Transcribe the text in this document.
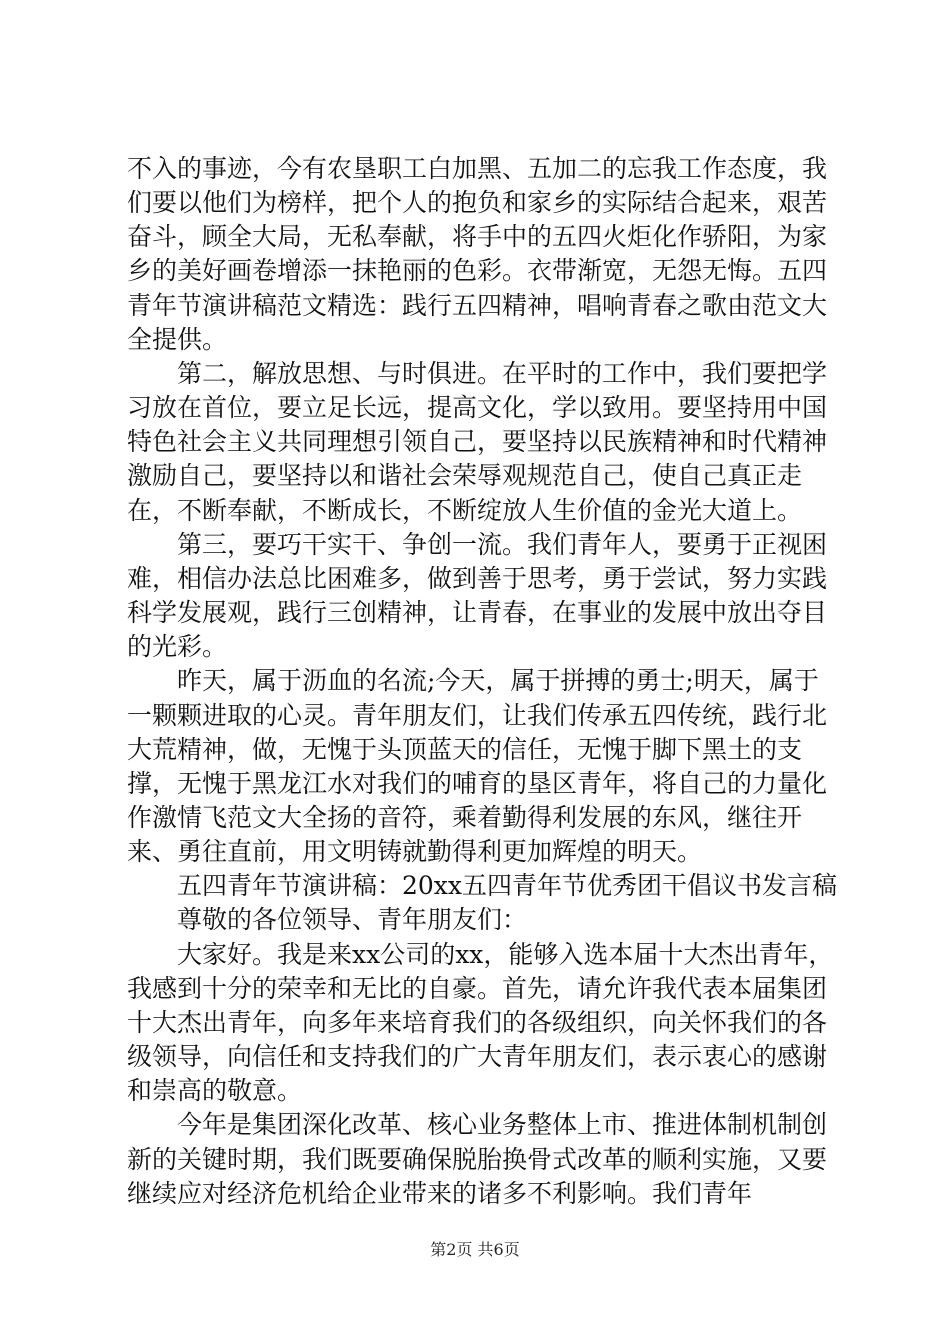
不入的事迹，今有农垦职工白加黑、五加二的忘我工作态度，我们要以他们为榜样，把个人的抱负和家乡的实际结合起来，艰苦奋斗，顾全大局，无私奉献，将手中的五四火炬化作骄阳，为家乡的美好画卷增添一抹艳丽的色彩。衣带渐宽，无怨无悔。五四青年节演讲稿范文精选：践行五四精神，唱响青春之歌由范文大全提供。

第二，解放思想、与时俱进。在平时的工作中，我们要把学习放在首位，要立足长远，提高文化，学以致用。要坚持用中国特色社会主义共同理想引领自己，要坚持以民族精神和时代精神激励自己，要坚持以和谐社会荣辱观规范自己，使自己真正走在，不断奉献，不断成长，不断绽放人生价值的金光大道上。

第三，要巧干实干、争创一流。我们青年人，要勇于正视困难，相信办法总比困难多，做到善于思考，勇于尝试，努力实践科学发展观，践行三创精神，让青春，在事业的发展中放出夺目的光彩。

昨天，属于沥血的名流;今天，属于拼搏的勇士;明天，属于一颗颗进取的心灵。青年朋友们，让我们传承五四传统，践行北大荒精神，做，无愧于头顶蓝天的信任，无愧于脚下黑土的支撑，无愧于黑龙江水对我们的哺育的垦区青年，将自己的力量化作激情飞范文大全扬的音符，乘着勤得利发展的东风，继往开来、勇往直前，用文明铸就勤得利更加辉煌的明天。

五四青年节演讲稿：20xx五四青年节优秀团干倡议书发言稿

尊敬的各位领导、青年朋友们：

大家好。我是来xx公司的xx，能够入选本届十大杰出青年，我感到十分的荣幸和无比的自豪。首先，请允许我代表本届集团十大杰出青年，向多年来培育我们的各级组织，向关怀我们的各级领导，向信任和支持我们的广大青年朋友们，表示衷心的感谢和崇高的敬意。

今年是集团深化改革、核心业务整体上市、推进体制机制创新的关键时期，我们既要确保脱胎换骨式改革的顺利实施，又要继续应对经济危机给企业带来的诸多不利影响。我们青年

第2页 共6页
